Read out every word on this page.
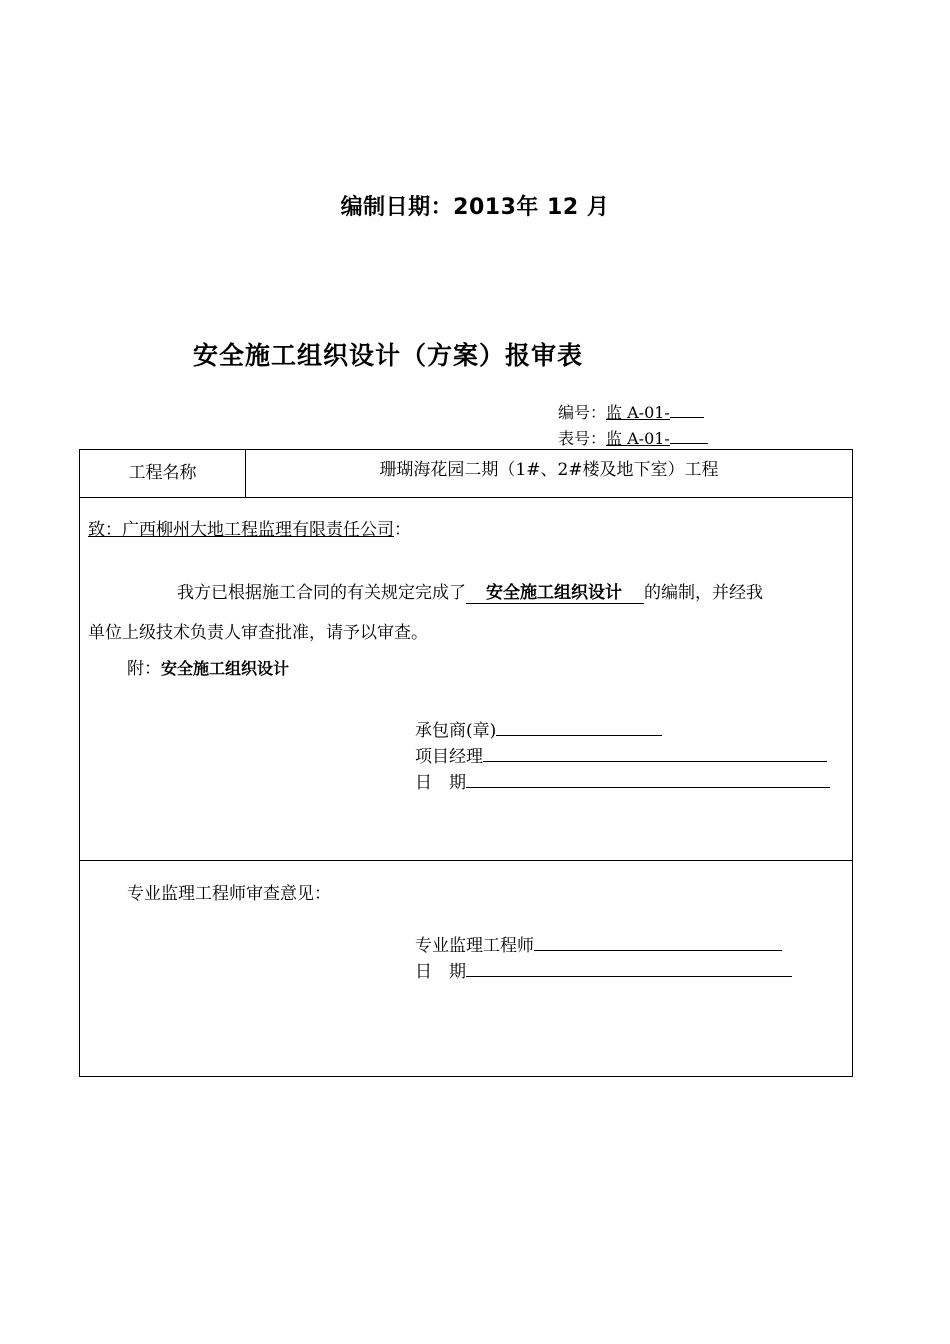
编制日期：2013年 12 月
安全施工组织设计（方案）报审表
编号：监 A-01-
表号：监 A-01-
工程名称	珊瑚海花园二期（1#、2#楼及地下室）工程
致：广西柳州大地工程监理有限责任公司：
我方已根据施工合同的有关规定完成了 安全施工组织设计 的编制，并经我
单位上级技术负责人审查批准，请予以审查。
附：安全施工组织设计
承包商(章)
项目经理
日　期
专业监理工程师审查意见：
专业监理工程师
日　期
